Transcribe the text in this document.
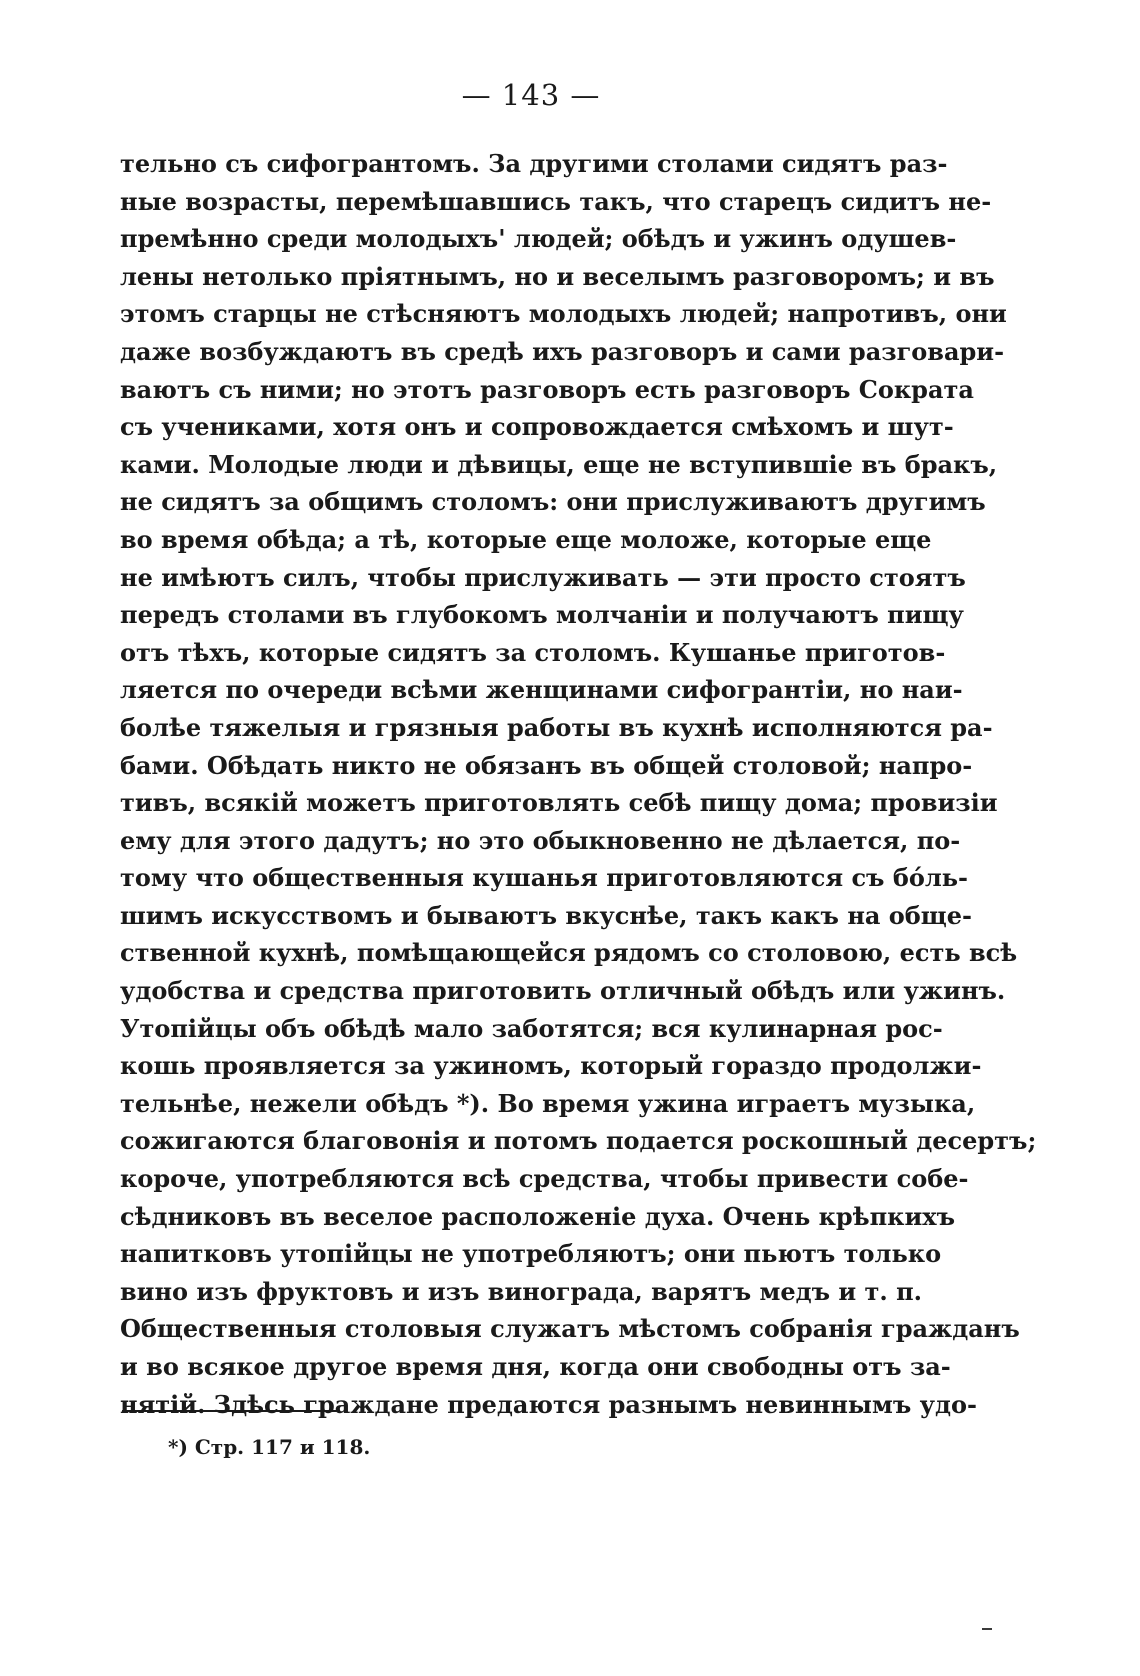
— 143 —
тельно съ сифогрантомъ. За другими столами сидятъ раз-
ные возрасты, перемѣшавшись такъ, что старецъ сидитъ не-
премѣнно среди молодыхъ' людей; обѣдъ и ужинъ одушев-
лены нетолько пріятнымъ, но и веселымъ разговоромъ; и въ
этомъ старцы не стѣсняютъ молодыхъ людей; напротивъ, они
даже возбуждаютъ въ средѣ ихъ разговоръ и сами разговари-
ваютъ съ ними; но этотъ разговоръ есть разговоръ Сократа
съ учениками, хотя онъ и сопровождается смѣхомъ и шут-
ками. Молодые люди и дѣвицы, еще не вступившіе въ бракъ,
не сидятъ за общимъ столомъ: они прислуживаютъ другимъ
во время обѣда; а тѣ, которые еще моложе, которые еще
не имѣютъ силъ, чтобы прислуживать — эти просто стоятъ
передъ столами въ глубокомъ молчаніи и получаютъ пищу
отъ тѣхъ, которые сидятъ за столомъ. Кушанье приготов-
ляется по очереди всѣми женщинами сифогрантіи, но наи-
болѣе тяжелыя и грязныя работы въ кухнѣ исполняются ра-
бами. Обѣдать никто не обязанъ въ общей столовой; напро-
тивъ, всякій можетъ приготовлять себѣ пищу дома; провизіи
ему для этого дадутъ; но это обыкновенно не дѣлается, по-
тому что общественныя кушанья приготовляются съ бóль-
шимъ искусствомъ и бываютъ вкуснѣе, такъ какъ на обще-
ственной кухнѣ, помѣщающейся рядомъ со столовою, есть всѣ
удобства и средства приготовить отличный обѣдъ или ужинъ.
Утопійцы объ обѣдѣ мало заботятся; вся кулинарная рос-
кошь проявляется за ужиномъ, который гораздо продолжи-
тельнѣе, нежели обѣдъ *). Во время ужина играетъ музыка,
сожигаются благовонія и потомъ подается роскошный десертъ;
короче, употребляются всѣ средства, чтобы привести собе-
сѣдниковъ въ веселое расположеніе духа. Очень крѣпкихъ
напитковъ утопійцы не употребляютъ; они пьютъ только
вино изъ фруктовъ и изъ винограда, варятъ медъ и т. п.
Общественныя столовыя служатъ мѣстомъ собранія гражданъ
и во всякое другое время дня, когда они свободны отъ за-
нятій. Здѣсь граждане предаются разнымъ невиннымъ удо-
*) Стр. 117 и 118.
